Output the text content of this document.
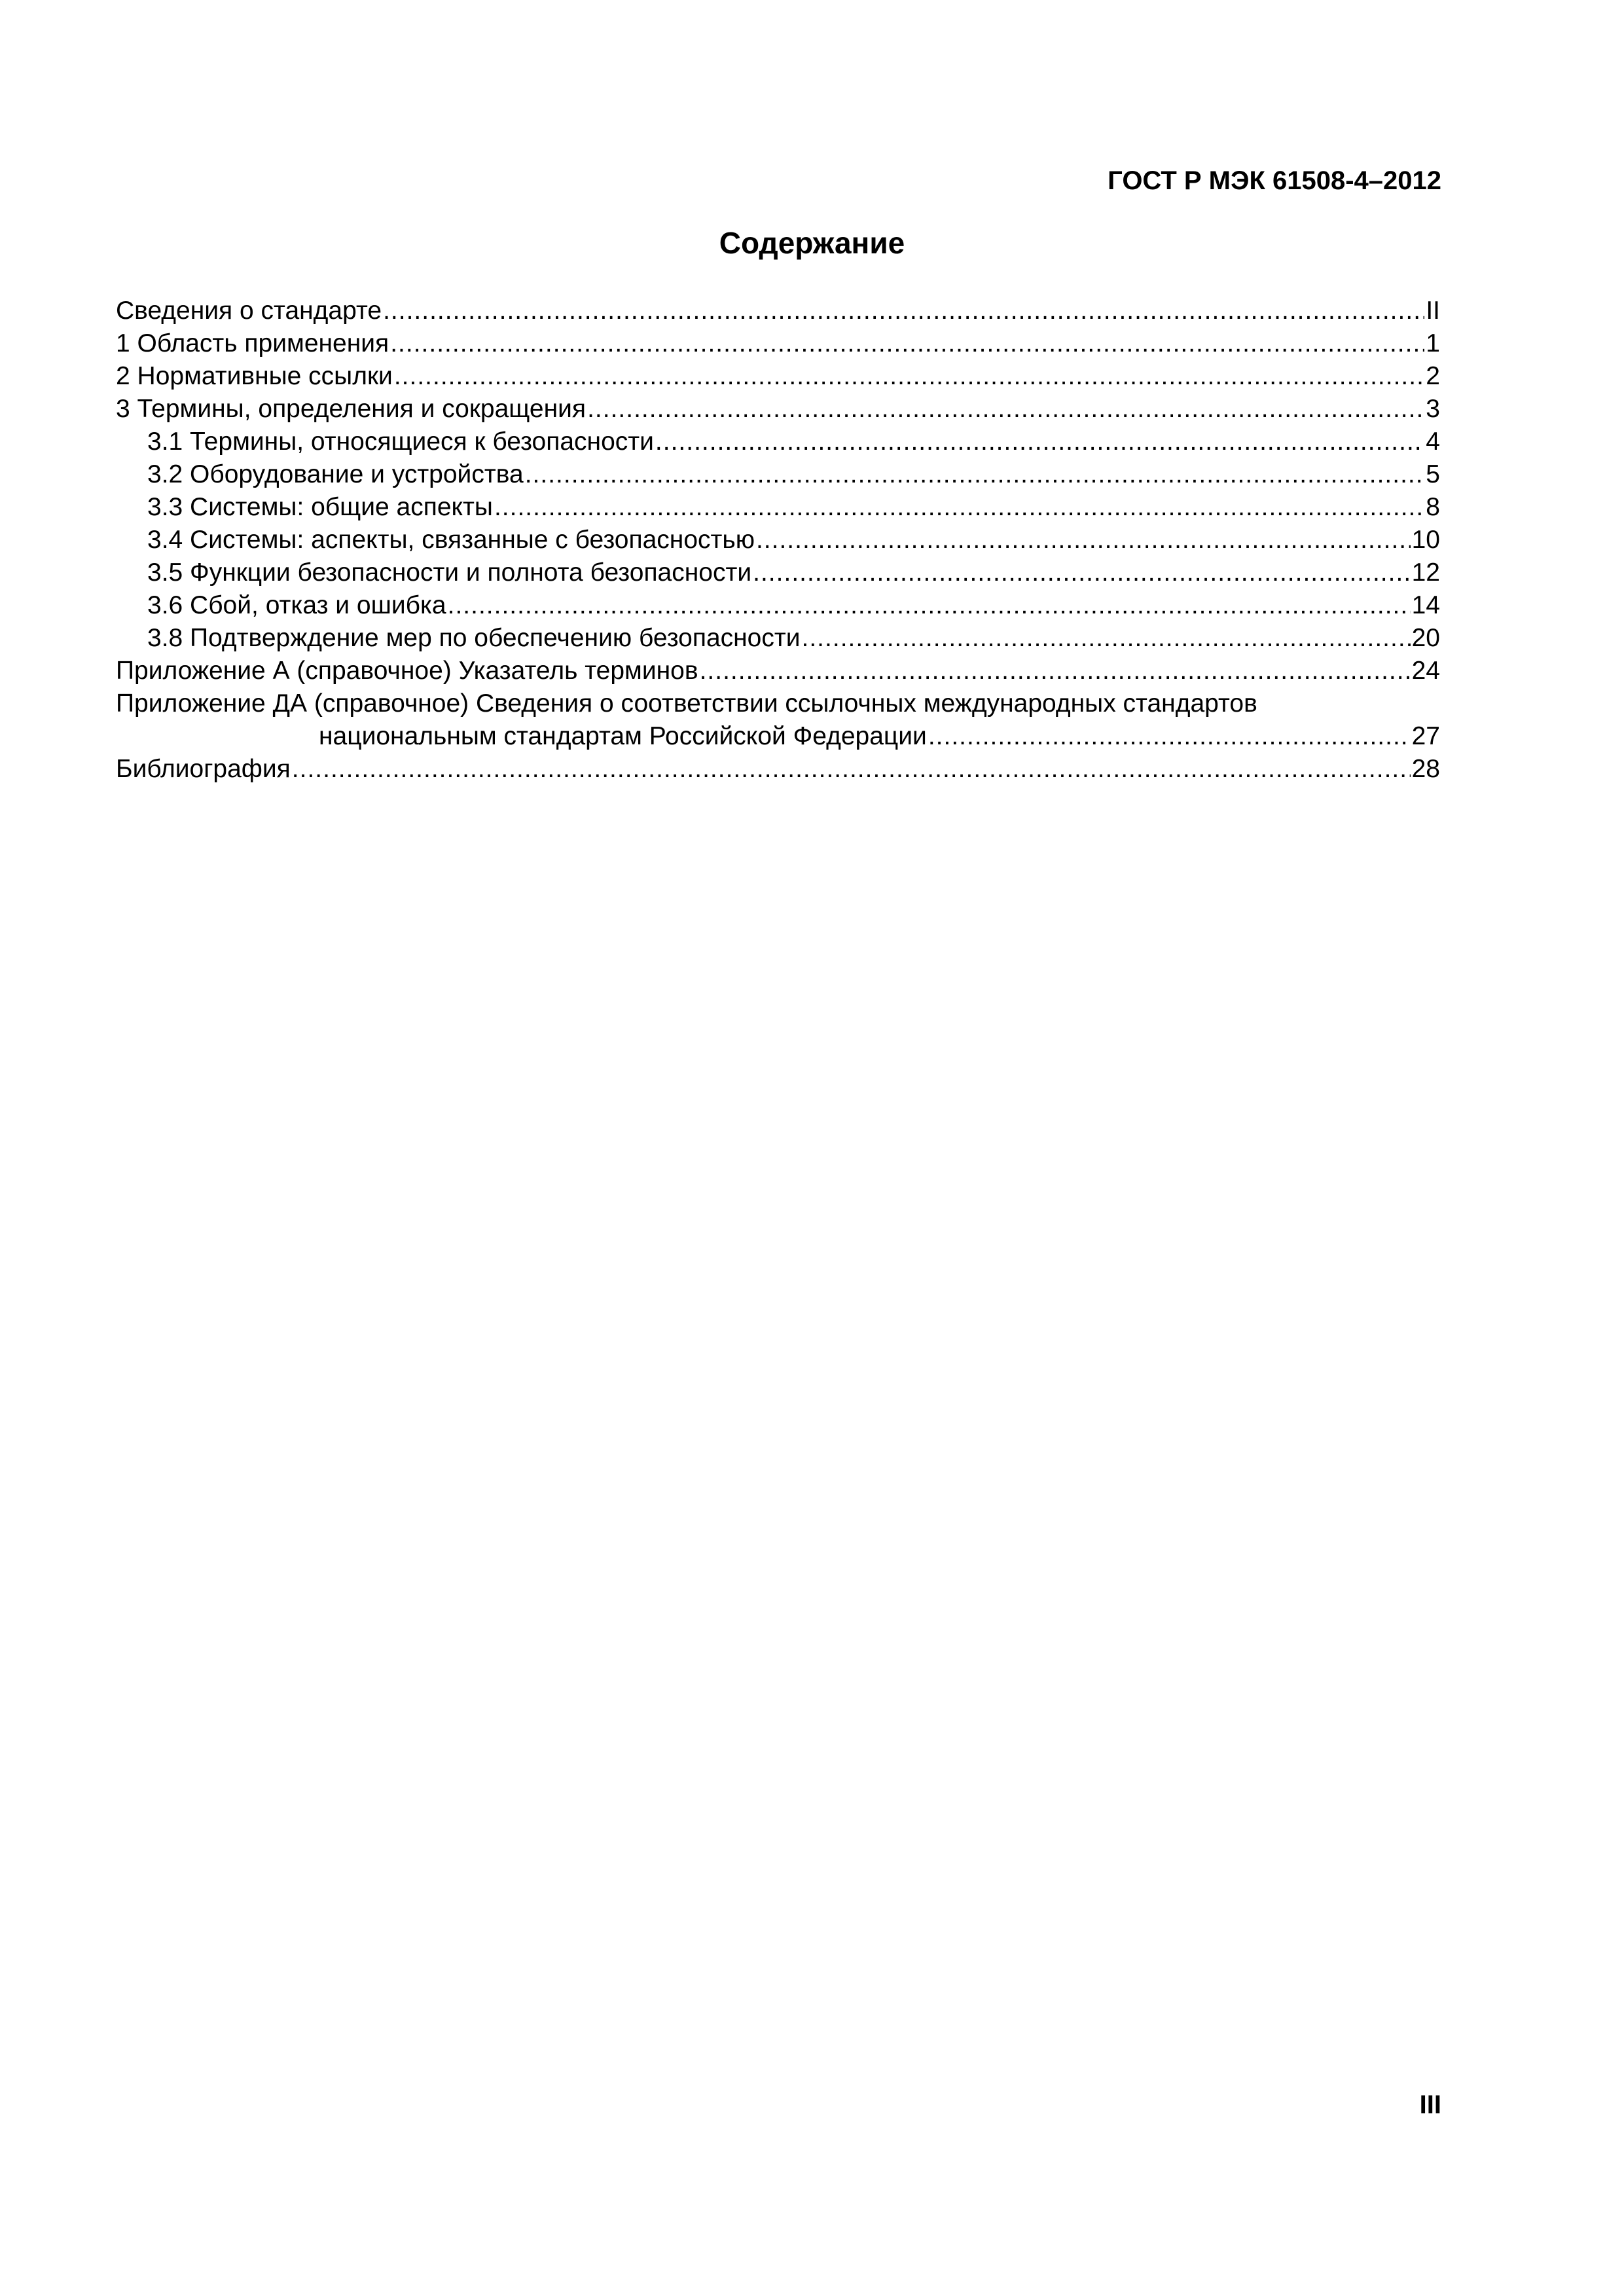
ГОСТ Р МЭК 61508-4–2012
Содержание
Сведения о стандарте .....	II
1 Область применения .....	1
2 Нормативные ссылки .....	2
3 Термины, определения и сокращения .....	3
3.1 Термины, относящиеся к безопасности .....	4
3.2 Оборудование и устройства .....	5
3.3 Системы: общие аспекты .....	8
3.4 Системы: аспекты, связанные с безопасностью .....	10
3.5 Функции безопасности и полнота безопасности .....	12
3.6 Сбой, отказ и ошибка .....	14
3.8 Подтверждение мер по обеспечению безопасности .....	20
Приложение А (справочное) Указатель терминов .....	24
Приложение ДА (справочное) Сведения о соответствии ссылочных международных стандартов
национальным стандартам Российской Федерации .....	27
Библиография .....	28
III
